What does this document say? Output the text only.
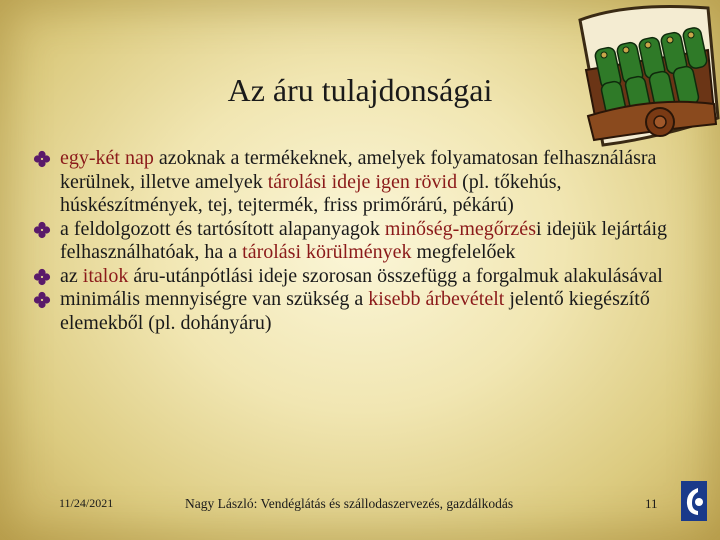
Az áru tulajdonságai
egy-két nap azoknak a termékeknek, amelyek folyamatosan felhasználásra kerülnek, illetve amelyek tárolási ideje igen rövid (pl. tőkehús, húskészítmények, tej, tejtermék, friss primőrárú, pékárú)
a feldolgozott és tartósított alapanyagok minőség-megőrzési idejük lejártáig felhasználhatóak, ha a tárolási körülmények megfelelőek
az italok áru-utánpótlási ideje szorosan összefügg a forgalmuk alakulásával
minimális mennyiségre van szükség a kisebb árbevételt jelentő kiegészítő elemekből (pl. dohányáru)
11/24/2021	Nagy László: Vendéglátás és szállodaszervezés, gazdálkodás	11
